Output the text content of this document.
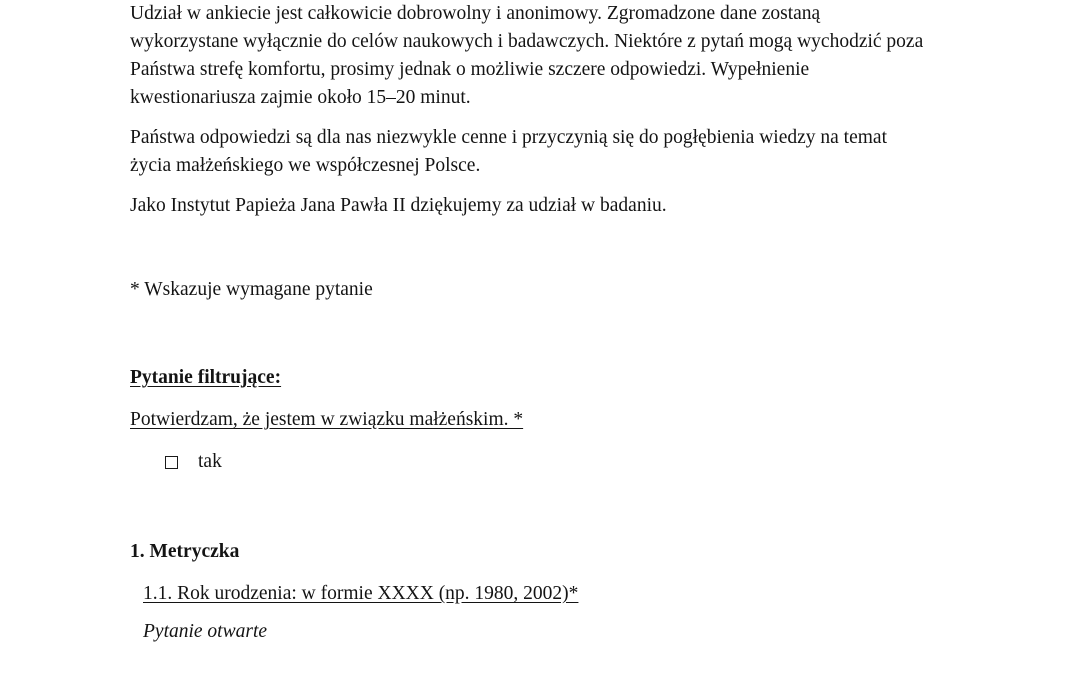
Udział w ankiecie jest całkowicie dobrowolny i anonimowy. Zgromadzone dane zostaną wykorzystane wyłącznie do celów naukowych i badawczych. Niektóre z pytań mogą wychodzić poza Państwa strefę komfortu, prosimy jednak o możliwie szczere odpowiedzi. Wypełnienie kwestionariusza zajmie około 15–20 minut.

Państwa odpowiedzi są dla nas niezwykle cenne i przyczynią się do pogłębienia wiedzy na temat życia małżeńskiego we współczesnej Polsce.

Jako Instytut Papieża Jana Pawła II dziękujemy za udział w badaniu.

* Wskazuje wymagane pytanie

Pytanie filtrujące:
Potwierdzam, że jestem w związku małżeńskim. *
tak

1. Metryczka

1.1. Rok urodzenia: w formie XXXX (np. 1980, 2002)*

Pytanie otwarte
